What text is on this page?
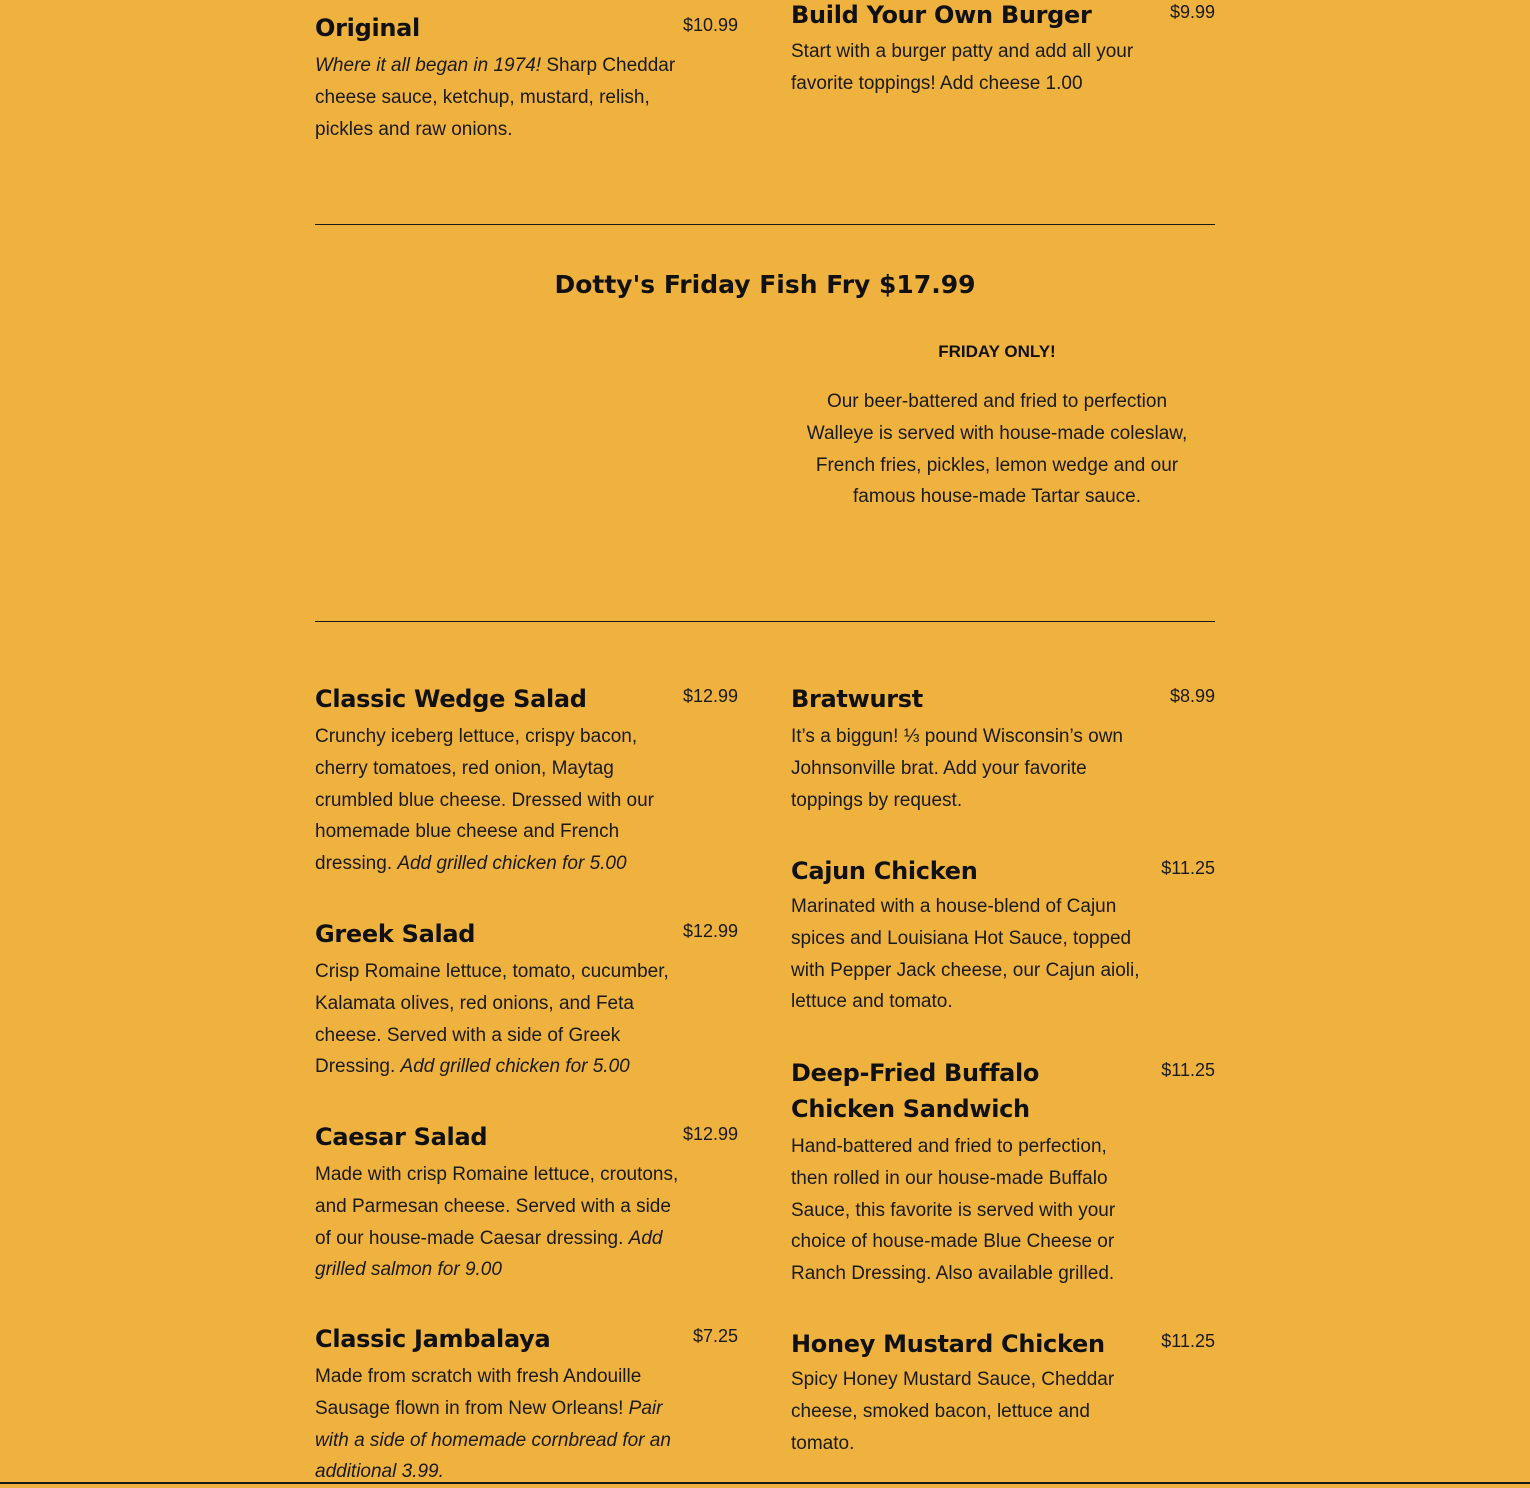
$10.99
Original

Where it all began in 1974! Sharp Cheddar cheese sauce, ketchup, mustard, relish, pickles and raw onions.

$9.99
Build Your Own Burger

Start with a burger patty and add all your favorite toppings! Add cheese 1.00

Dotty's Friday Fish Fry $17.99

FRIDAY ONLY!

Our beer-battered and fried to perfection Walleye is served with house-made coleslaw, French fries, pickles, lemon wedge and our famous house-made Tartar sauce.

$12.99
Classic Wedge Salad

Crunchy iceberg lettuce, crispy bacon, cherry tomatoes, red onion, Maytag crumbled blue cheese. Dressed with our homemade blue cheese and French dressing. Add grilled chicken for 5.00

$12.99
Greek Salad

Crisp Romaine lettuce, tomato, cucumber, Kalamata olives, red onions, and Feta cheese. Served with a side of Greek Dressing. Add grilled chicken for 5.00

$12.99
Caesar Salad

Made with crisp Romaine lettuce, croutons, and Parmesan cheese. Served with a side of our house-made Caesar dressing. Add grilled salmon for 9.00

$7.25
Classic Jambalaya

Made from scratch with fresh Andouille Sausage flown in from New Orleans! Pair with a side of homemade cornbread for an additional 3.99.

$8.99
Bratwurst

It’s a biggun! ⅓ pound Wisconsin’s own Johnsonville brat. Add your favorite toppings by request.

$11.25
Cajun Chicken

Marinated with a house-blend of Cajun spices and Louisiana Hot Sauce, topped with Pepper Jack cheese, our Cajun aioli, lettuce and tomato.

$11.25
Deep-Fried Buffalo Chicken Sandwich

Hand-battered and fried to perfection, then rolled in our house-made Buffalo Sauce, this favorite is served with your choice of house-made Blue Cheese or Ranch Dressing. Also available grilled.

$11.25
Honey Mustard Chicken

Spicy Honey Mustard Sauce, Cheddar cheese, smoked bacon, lettuce and tomato.
